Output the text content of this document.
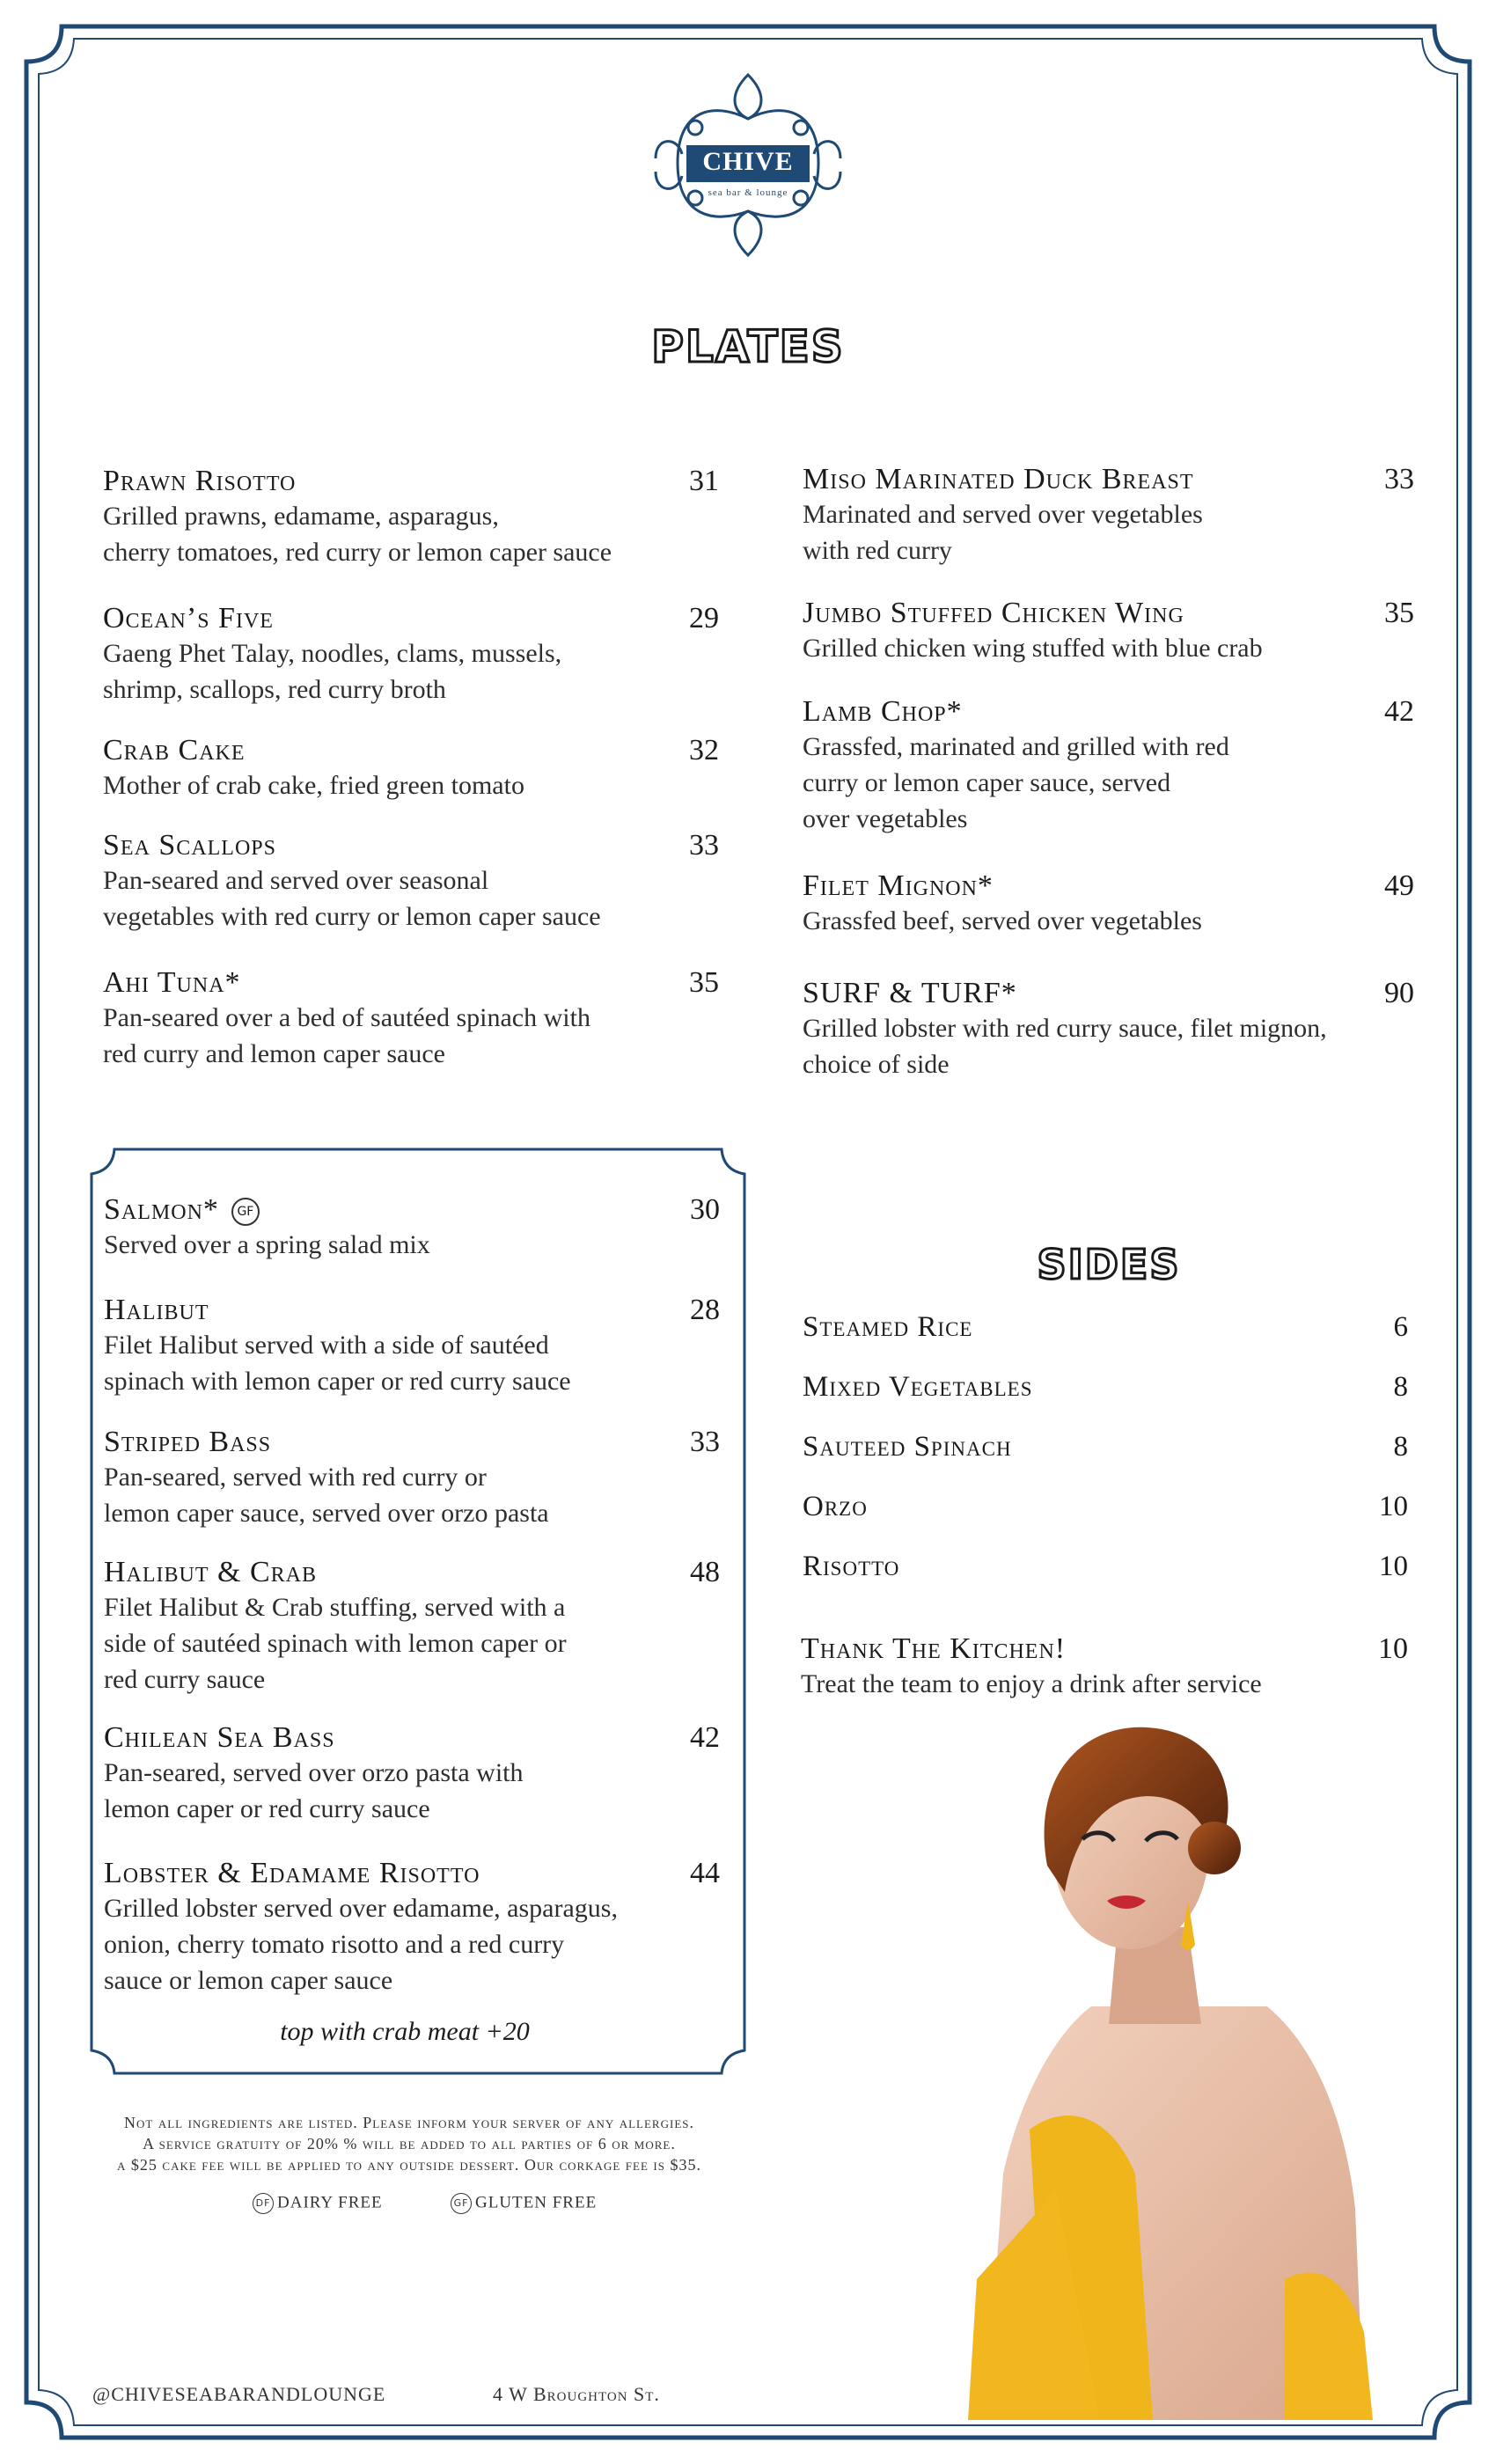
CHIVE
sea bar & lounge
PLATES
Prawn Risotto	31
Grilled prawns, edamame, asparagus,
cherry tomatoes, red curry or lemon caper sauce
Ocean’s Five	29
Gaeng Phet Talay, noodles, clams, mussels,
shrimp, scallops, red curry broth
Crab Cake	32
Mother of crab cake, fried green tomato
Sea Scallops	33
Pan-seared and served over seasonal
vegetables with red curry or lemon caper sauce
Ahi Tuna*	35
Pan-seared over a bed of sautéed spinach with
red curry and lemon caper sauce
Miso Marinated Duck Breast	33
Marinated and served over vegetables
with red curry
Jumbo Stuffed Chicken Wing	35
Grilled chicken wing stuffed with blue crab
Lamb Chop*	42
Grassfed, marinated and grilled with red
curry or lemon caper sauce, served
over vegetables
Filet Mignon*	49
Grassfed beef, served over vegetables
SURF & TURF*	90
Grilled lobster with red curry sauce, filet mignon,
choice of side
Salmon* GF	30
Served over a spring salad mix
Halibut	28
Filet Halibut served with a side of sautéed
spinach with lemon caper or red curry sauce
Striped Bass	33
Pan-seared, served with red curry or
lemon caper sauce, served over orzo pasta
Halibut & Crab	48
Filet Halibut & Crab stuffing, served with a
side of sautéed spinach with lemon caper or
red curry sauce
Chilean Sea Bass	42
Pan-seared, served over orzo pasta with
lemon caper or red curry sauce
Lobster & Edamame Risotto	44
Grilled lobster served over edamame, asparagus,
onion, cherry tomato risotto and a red curry
sauce or lemon caper sauce
top with crab meat +20
SIDES
Steamed Rice	6
Mixed Vegetables	8
Sauteed Spinach	8
Orzo	10
Risotto	10
Thank The Kitchen!	10
Treat the team to enjoy a drink after service
Not all ingredients are listed. Please inform your server of any allergies.
A service gratuity of 20% % will be added to all parties of 6 or more.
a $25 cake fee will be applied to any outside dessert. Our corkage fee is $35.
DF DAIRY FREE	GF GLUTEN FREE
@CHIVESEABARANDLOUNGE	4 W Broughton St.
